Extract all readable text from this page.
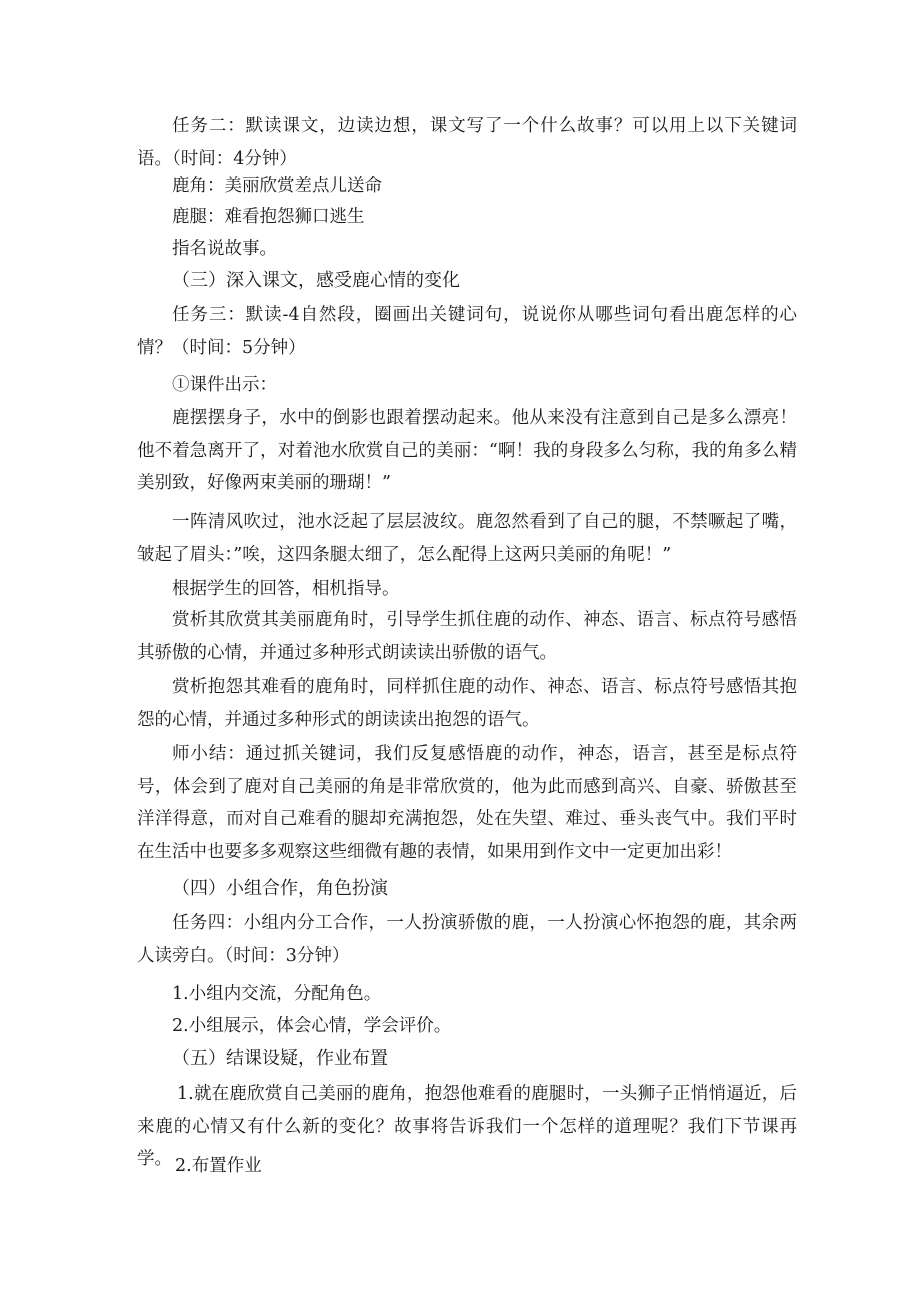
任务二：默读课文，边读边想，课文写了一个什么故事？可以用上以下关键词语。（时间：4分钟）
鹿角：美丽欣赏差点儿送命
鹿腿：难看抱怨狮口逃生
指名说故事。
（三）深入课文，感受鹿心情的变化
任务三：默读-4自然段，圈画出关键词句，说说你从哪些词句看出鹿怎样的心情？（时间：5分钟）
①课件出示：
鹿摆摆身子，水中的倒影也跟着摆动起来。他从来没有注意到自己是多么漂亮！他不着急离开了，对着池水欣赏自己的美丽：“啊！我的身段多么匀称，我的角多么精美别致，好像两束美丽的珊瑚！”
一阵清风吹过，池水泛起了层层波纹。鹿忽然看到了自己的腿，不禁噘起了嘴，皱起了眉头：”唉，这四条腿太细了，怎么配得上这两只美丽的角呢！”
根据学生的回答，相机指导。
赏析其欣赏其美丽鹿角时，引导学生抓住鹿的动作、神态、语言、标点符号感悟其骄傲的心情，并通过多种形式朗读读出骄傲的语气。
赏析抱怨其难看的鹿角时，同样抓住鹿的动作、神态、语言、标点符号感悟其抱怨的心情，并通过多种形式的朗读读出抱怨的语气。
师小结：通过抓关键词，我们反复感悟鹿的动作，神态，语言，甚至是标点符号，体会到了鹿对自己美丽的角是非常欣赏的，他为此而感到高兴、自豪、骄傲甚至洋洋得意，而对自己难看的腿却充满抱怨，处在失望、难过、垂头丧气中。我们平时在生活中也要多多观察这些细微有趣的表情，如果用到作文中一定更加出彩！
（四）小组合作，角色扮演
任务四：小组内分工合作，一人扮演骄傲的鹿，一人扮演心怀抱怨的鹿，其余两人读旁白。（时间：3分钟）
1.小组内交流，分配角色。
2.小组展示，体会心情，学会评价。
（五）结课设疑，作业布置
1.就在鹿欣赏自己美丽的鹿角，抱怨他难看的鹿腿时，一头狮子正悄悄逼近，后来鹿的心情又有什么新的变化？故事将告诉我们一个怎样的道理呢？我们下节课再学。 2.布置作业
